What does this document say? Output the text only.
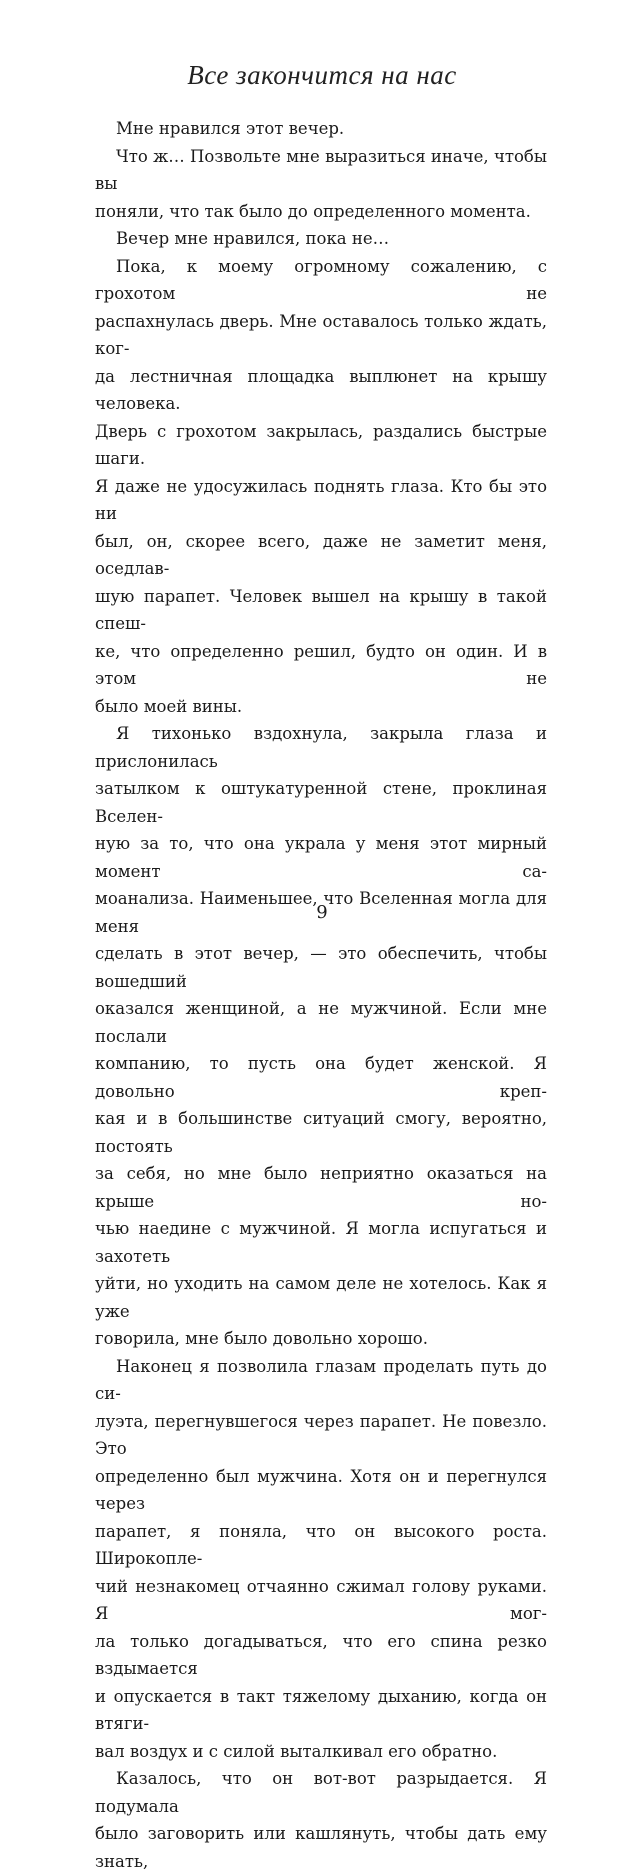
Все закончится на нас

Мне нравился этот вечер.

Что ж… Позвольте мне выразиться иначе, чтобы вы
поняли, что так было до определенного момента.

Вечер мне нравился, пока не…

Пока, к моему огромному сожалению, с грохотом не
распахнулась дверь. Мне оставалось только ждать, ког-
да лестничная площадка выплюнет на крышу человека.
Дверь с грохотом закрылась, раздались быстрые шаги.
Я даже не удосужилась поднять глаза. Кто бы это ни
был, он, скорее всего, даже не заметит меня, оседлав-
шую парапет. Человек вышел на крышу в такой спеш-
ке, что определенно решил, будто он один. И в этом не
было моей вины.

Я тихонько вздохнула, закрыла глаза и прислонилась
затылком к оштукатуренной стене, проклиная Вселен-
ную за то, что она украла у меня этот мирный момент са-
моанализа. Наименьшее, что Вселенная могла для меня
сделать в этот вечер, — это обеспечить, чтобы вошедший
оказался женщиной, а не мужчиной. Если мне послали
компанию, то пусть она будет женской. Я довольно креп-
кая и в большинстве ситуаций смогу, вероятно, постоять
за себя, но мне было неприятно оказаться на крыше но-
чью наедине с мужчиной. Я могла испугаться и захотеть
уйти, но уходить на самом деле не хотелось. Как я уже
говорила, мне было довольно хорошо.

Наконец я позволила глазам проделать путь до си-
луэта, перегнувшегося через парапет. Не повезло. Это
определенно был мужчина. Хотя он и перегнулся через
парапет, я поняла, что он высокого роста. Широкоплe-
чий незнакомец отчаянно сжимал голову руками. Я мог-
ла только догадываться, что его спина резко вздымается
и опускается в такт тяжелому дыханию, когда он втяги-
вал воздух и с силой выталкивал его обратно.

Казалось, что он вот-вот разрыдается. Я подумала
было заговорить или кашлянуть, чтобы дать ему знать,

9
